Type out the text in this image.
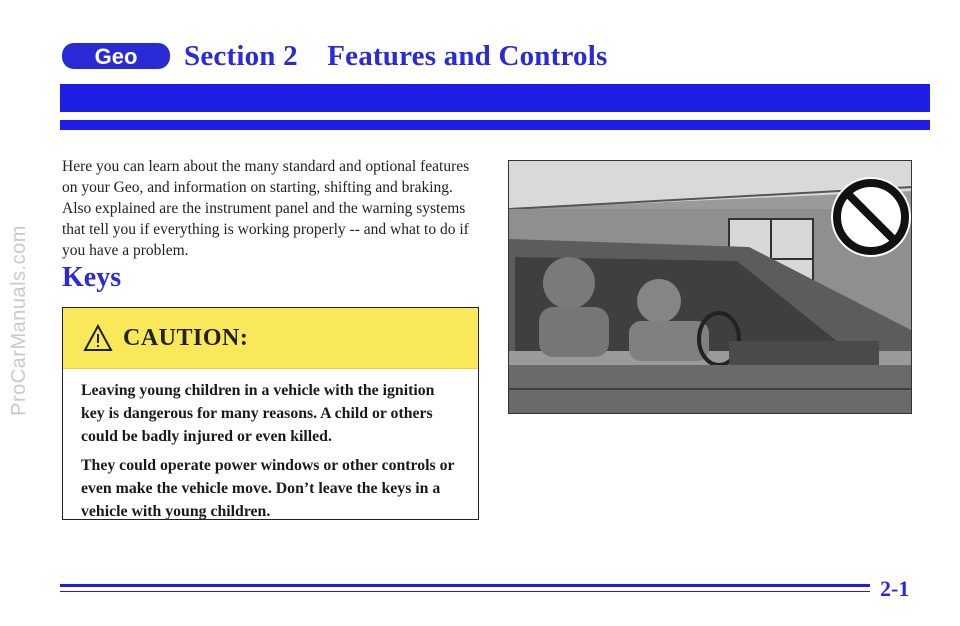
ProCarManuals.com
Geo Section 2 Features and Controls
Here you can learn about the many standard and optional features on your Geo, and information on starting, shifting and braking. Also explained are the instrument panel and the warning systems that tell you if everything is working properly -- and what to do if you have a problem.
Keys
CAUTION:

Leaving young children in a vehicle with the ignition key is dangerous for many reasons. A child or others could be badly injured or even killed.

They could operate power windows or other controls or even make the vehicle move. Don’t leave the keys in a vehicle with young children.

2-1
